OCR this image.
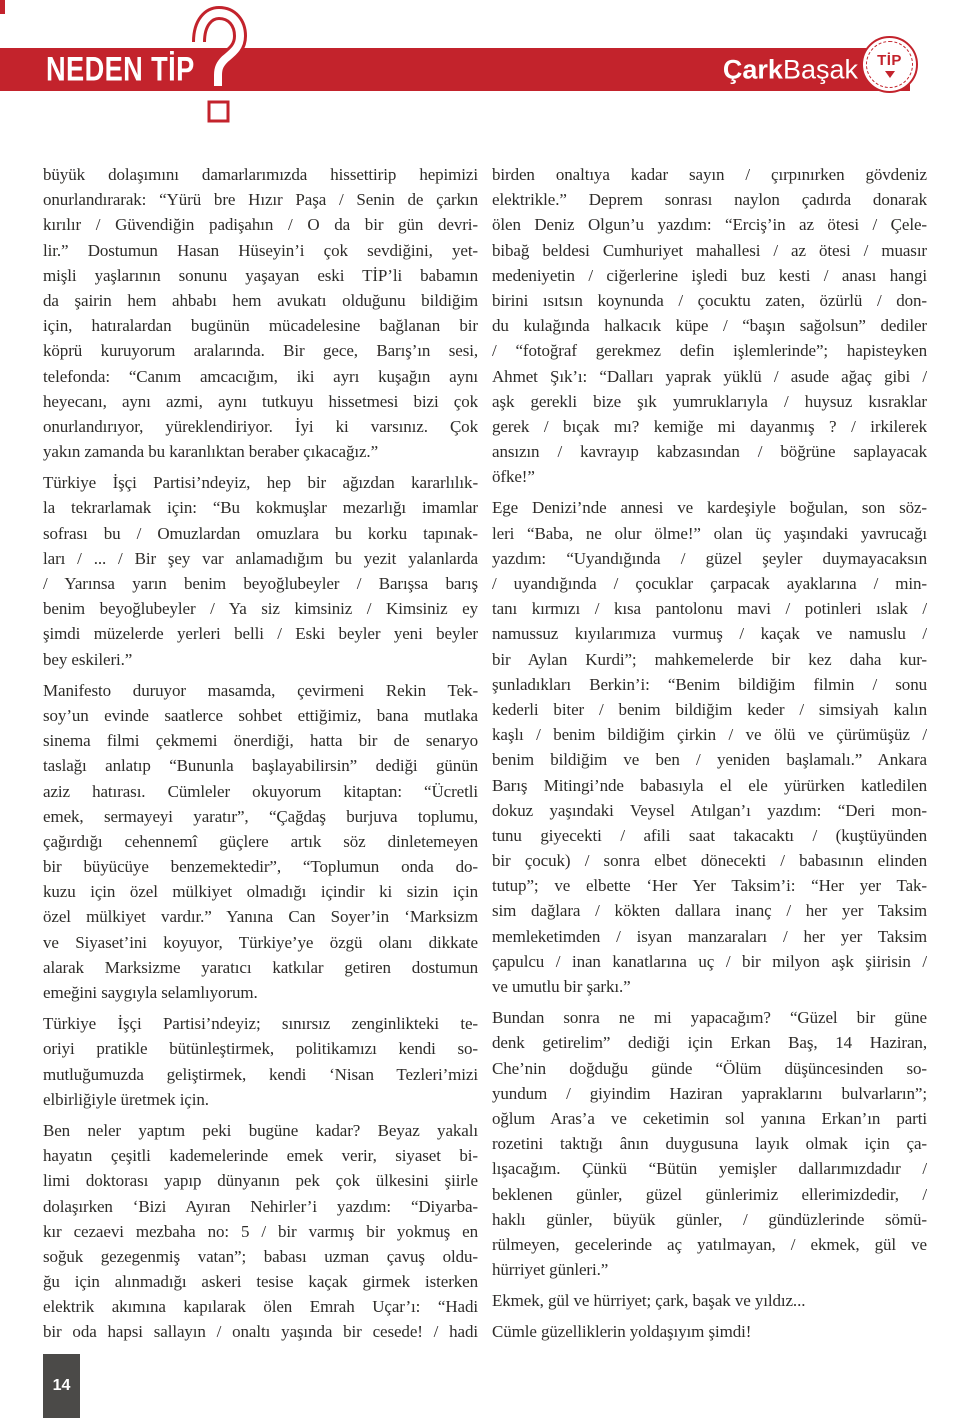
NEDEN TİP	ÇarkBaşak TİP
büyük dolaşımını damarlarımızda hissettirip hepimizi
onurlandırarak: “Yürü bre Hızır Paşa / Senin de çarkın
kırılır / Güvendiğin padişahın / O da bir gün devri-
lir.” Dostumun Hasan Hüseyin’i çok sevdiğini, yet-
mişli yaşlarının sonunu yaşayan eski TİP’li babamın
da şairin hem ahbabı hem avukatı olduğunu bildiğim
için, hatıralardan bugünün mücadelesine bağlanan bir
köprü kuruyorum aralarında. Bir gece, Barış’ın sesi,
telefonda: “Canım amcacığım, iki ayrı kuşağın aynı
heyecanı, aynı azmi, aynı tutkuyu hissetmesi bizi çok
onurlandırıyor, yüreklendiriyor. İyi ki varsınız. Çok
yakın zamanda bu karanlıktan beraber çıkacağız.”
Türkiye İşçi Partisi’ndeyiz, hep bir ağızdan kararlılık-
la tekrarlamak için: “Bu kokmuşlar mezarlığı imamlar
sofrası bu / Omuzlardan omuzlara bu korku tapınak-
ları / ... / Bir şey var anlamadığım bu yezit yalanlarda
/ Yarınsa yarın benim beyoğlubeyler / Barışsa barış
benim beyoğlubeyler / Ya siz kimsiniz / Kimsiniz ey
şimdi müzelerde yerleri belli / Eski beyler yeni beyler
bey eskileri.”
Manifesto duruyor masamda, çevirmeni Rekin Tek-
soy’un evinde saatlerce sohbet ettiğimiz, bana mutlaka
sinema filmi çekmemi önerdiği, hatta bir de senaryo
taslağı anlatıp “Bununla başlayabilirsin” dediği günün
aziz hatırası. Cümleler okuyorum kitaptan: “Ücretli
emek, sermayeyi yaratır”, “Çağdaş burjuva toplumu,
çağırdığı cehennemî güçlere artık söz dinletemeyen
bir büyücüye benzemektedir”, “Toplumun onda do-
kuzu için özel mülkiyet olmadığı içindir ki sizin için
özel mülkiyet vardır.” Yanına Can Soyer’in ‘Marksizm
ve Siyaset’ini koyuyor, Türkiye’ye özgü olanı dikkate
alarak Marksizme yaratıcı katkılar getiren dostumun
emeğini saygıyla selamlıyorum.
Türkiye İşçi Partisi’ndeyiz; sınırsız zenginlikteki te-
oriyi pratikle bütünleştirmek, politikamızı kendi so-
mutluğumuzda geliştirmek, kendi ‘Nisan Tezleri’mizi
elbirliğiyle üretmek için.
Ben neler yaptım peki bugüne kadar? Beyaz yakalı
hayatın çeşitli kademelerinde emek verir, siyaset bi-
limi doktorası yapıp dünyanın pek çok ülkesini şiirle
dolaşırken ‘Bizi Ayıran Nehirler’i yazdım: “Diyarba-
kır cezaevi mezbaha no: 5 / bir varmış bir yokmuş en
soğuk gezegenmiş vatan”; babası uzman çavuş oldu-
ğu için alınmadığı askeri tesise kaçak girmek isterken
elektrik akımına kapılarak ölen Emrah Uçar’ı: “Hadi
bir oda hapsi sallayın / onaltı yaşında bir cesede! / hadi
birden onaltıya kadar sayın / çırpınırken gövdeniz
elektrikle.” Deprem sonrası naylon çadırda donarak
ölen Deniz Olgun’u yazdım: “Erciş’in az ötesi / Çele-
bibağ beldesi Cumhuriyet mahallesi / az ötesi / muasır
medeniyetin / ciğerlerine işledi buz kesti / anası hangi
birini ısıtsın koynunda / çocuktu zaten, özürlü / don-
du kulağında halkacık küpe / “başın sağolsun” dediler
/ “fotoğraf gerekmez defin işlemlerinde”; hapisteyken
Ahmet Şık’ı: “Dalları yaprak yüklü / asude ağaç gibi /
aşk gerekli bize şık yumruklarıyla / huysuz kısraklar
gerek / bıçak mı? kemiğe mi dayanmış ? / irkilerek
ansızın / kavrayıp kabzasından / böğrüne saplayacak
öfke!”
Ege Denizi’nde annesi ve kardeşiyle boğulan, son söz-
leri “Baba, ne olur ölme!” olan üç yaşındaki yavrucağı
yazdım: “Uyandığında / güzel şeyler duymayacaksın
/ uyandığında / çocuklar çarpacak ayaklarına / min-
tanı kırmızı / kısa pantolonu mavi / potinleri ıslak /
namussuz kıyılarımıza vurmuş / kaçak ve namuslu /
bir Aylan Kurdi”; mahkemelerde bir kez daha kur-
şunladıkları Berkin’i: “Benim bildiğim filmin / sonu
kederli biter / benim bildiğim keder / simsiyah kalın
kaşlı / benim bildiğim çirkin / ve ölü ve çürümüşüz /
benim bildiğim ve ben / yeniden başlamalı.” Ankara
Barış Mitingi’nde babasıyla el ele yürürken katledilen
dokuz yaşındaki Veysel Atılgan’ı yazdım: “Deri mon-
tunu giyecekti / afili saat takacaktı / (kuştüyünden
bir çocuk) / sonra elbet dönecekti / babasının elinden
tutup”; ve elbette ‘Her Yer Taksim’i: “Her yer Tak-
sim dağlara / kökten dallara inanç / her yer Taksim
memleketimden / isyan manzaraları / her yer Taksim
çapulcu / inan kanatlarına uç / bir milyon aşk şiirisin /
ve umutlu bir şarkı.”
Bundan sonra ne mi yapacağım? “Güzel bir güne
denk getirelim” dediği için Erkan Baş, 14 Haziran,
Che’nin doğduğu günde “Ölüm düşüncesinden so-
yundum / giyindim Haziran yapraklarını bulvarların”;
oğlum Aras’a ve ceketimin sol yanına Erkan’ın parti
rozetini taktığı ânın duygusuna layık olmak için ça-
lışacağım. Çünkü “Bütün yemişler dallarımızdadır /
beklenen günler, güzel günlerimiz ellerimizdedir, /
haklı günler, büyük günler, / gündüzlerinde sömü-
rülmeyen, gecelerinde aç yatılmayan, / ekmek, gül ve
hürriyet günleri.”
Ekmek, gül ve hürriyet; çark, başak ve yıldız...
Cümle güzelliklerin yoldaşıyım şimdi!
14
